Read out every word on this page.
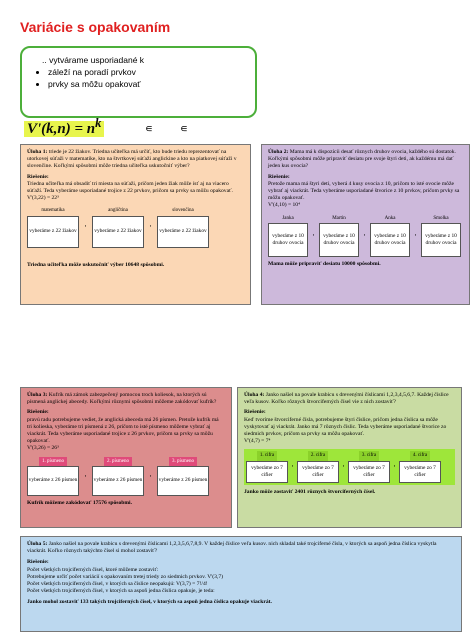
Variácie s opakovaním
.. vytvárame usporiadané k
• záleží na poradí prvkov
• prvky sa môžu opakovať
$V'(k,n) = n^k$	∊ ∊
Úloha 1: triede je 22 žiakov. Triedna učiteľka má určiť, kto bude triedu reprezentovať na utorkovej súťaži v matematike, kto na štvrtkovej súťaži anglickine a kto na piatkovej súťaži v slovenčine. Koľkými spôsobmi môže triedna učiteľka uskutočniť výber?
Riešenie:
Triedna učiteľka má obsadiť tri miesta na súťaži, pričom jeden žiak môže ísť aj na viacero súťaží. Teda vyberáme usporiadané trojice z 22 prvkov, pričom sa prvky sa môžu opakovať.
V'(3,22) = 22³
matematika
vyberáme z 22 žiakov ·
angličtina
vyberáme z 22 žiakov ·
slovenčina
vyberáme z 22 žiakov
Triedna učiteľka môže uskutočniť výber 10648 spôsobmi.
Úloha 2: Mama má k dispozícii desať rôznych druhov ovocia, každého sú dostatok. Koľkými spôsobmi môže pripraviť desiatu pre svoje štyri deti, ak každému má dať jeden kus ovocia?
Riešenie:
Pretože mama má štyri deti, vyberá 4 kusy ovocia z 10, pričom to isté ovocie môže vybrať aj viackrát. Teda vyberáme usporiadané štvorice z 10 prvkov, pričom prvky sa môžu opakovať.
V'(4,10) = 10⁴
Janka
vyberáme z 10 druhov ovocia
·
Martin
vyberáme z 10 druhov ovocia
·
Anka
vyberáme z 10 druhov ovocia
·
Smolka
vyberáme z 10 druhov ovocia
Mama môže pripraviť desiatu 10000 spôsobmi.
Úloha 3: Kufrík má zámok zabezpečený pomocou troch koliesok, na ktorých sú písmená anglickej abecedy. Koľkými rôznymi spôsobmi môžeme zakódovať kufrík?
Riešenie:
pravú radu potrebujeme vediet, že anglická abeceda má 26 písmen. Pretože kufrík má tri kolieska, vyberáme tri písmená z 26, pričom to isté písmeno môžeme vybrať aj viackrát. Teda vyberáme usporiadané trojice z 26 prvkov, pričom sa prvky sa môžu opakovať.
V'(3,26) = 26³
1. písmeno
vyberáme z 26 písmen ·
2. písmeno
vyberáme z 26 písmen ·
3. písmeno
vyberáme z 26 písmen
Kufrík môžeme zakódovať 17576 spôsobmi.
Úloha 4: Janko našiel na povale krabicu s drevenými číslicami 1,2,3,4,5,6,7. Každej číslice veľa kusov. Koľko rôznych štvorciferných čísel vie z nich zostaviť?
Riešenie:
Keď tvoríme štvorciferné čísla, potrebujeme štyri číslice, pričom jedna číslica sa môže vyskytovať aj viackrát. Janko má 7 rôznych číslic. Teda vyberáme usporiadané štvorice zo siedmich prvkov, pričom sa prvky sa môžu opakovať.
V'(4,7) = 7⁴
1. cifra
vyberáme zo 7 cifier
·
2. cifra
vyberáme zo 7 cifier
·
3. cifra
vyberáme zo 7 cifier
·
4. cifra
vyberáme zo 7 cifier
Janko môže zostaviť 2401 rôznych štvorciferných čísel.
Úloha 5: Janko našiel na povale krabicu s drevenými číslicami 1,2,3,5,6,7,8,9. V každej číslice veľa kusov. nich skladal také trojciferné čísla, v ktorých sa aspoň jedna číslica vyskytla viackrát. Koľko rôznych takýchto čísel si mohol zostaviť?
Riešenie:
Počet všetkých trojciferných čísel, ktoré môžeme zostaviť:
Potrebujeme určiť počet variácií s opakovaním tretej triedy zo siedmich prvkov. V'(3,7)
Počet všetkých trojciferných čísel, v ktorých sa číslice neopakujú: V(3,7) = 7!/4!
Počet všetkých trojciferných čísel, v ktorých sa aspoň jedna číslica opakuje, je teda:
Janko mohol zostaviť 133 takých trojciferných čísel, v ktorých sa aspoň jedna číslica opakuje viackrát.
